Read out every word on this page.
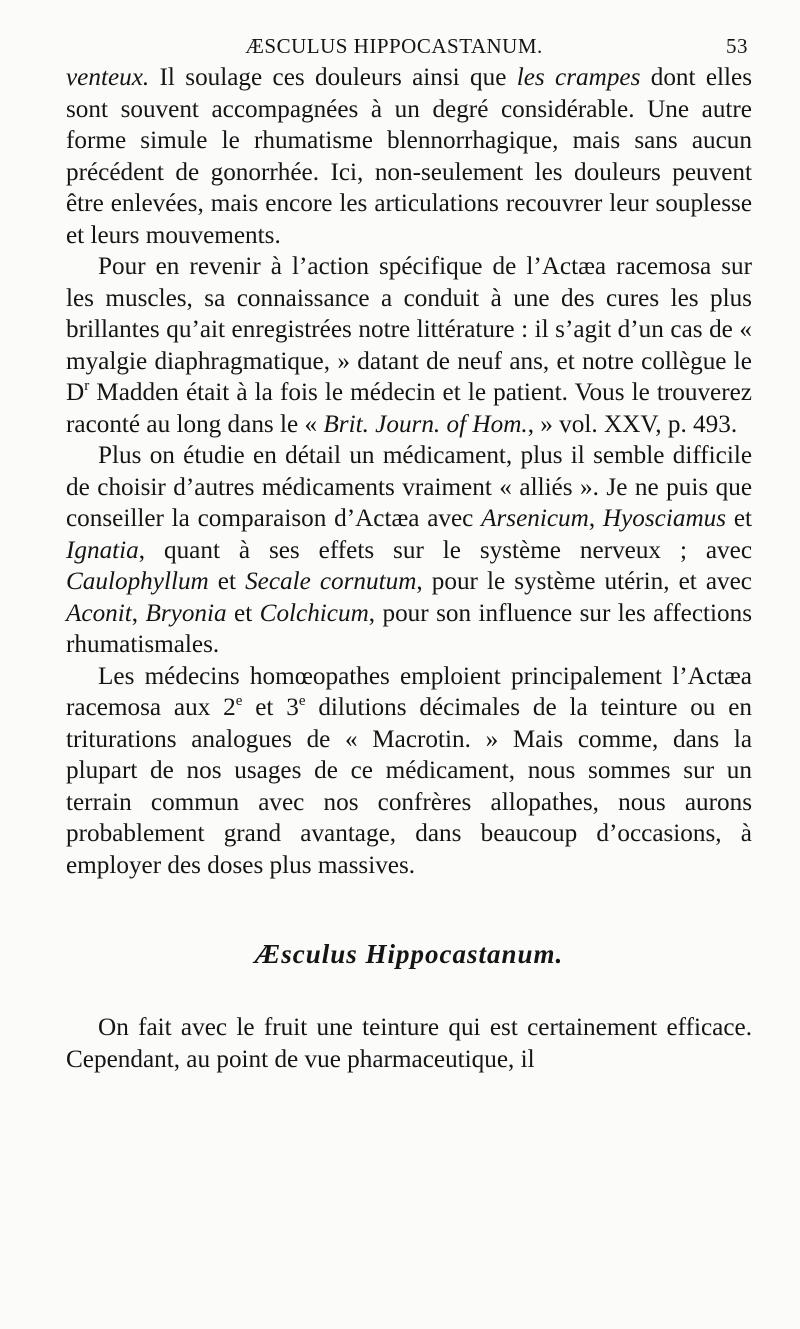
ÆSCULUS HIPPOCASTANUM.	53

venteux. Il soulage ces douleurs ainsi que les crampes dont elles sont souvent accompagnées à un degré considérable. Une autre forme simule le rhumatisme blennorrhagique, mais sans aucun précédent de gonorrhée. Ici, non-seulement les douleurs peuvent être enlevées, mais encore les articulations recouvrer leur souplesse et leurs mouvements.

Pour en revenir à l’action spécifique de l’Actæa racemosa sur les muscles, sa connaissance a conduit à une des cures les plus brillantes qu’ait enregistrées notre littérature : il s’agit d’un cas de « myalgie diaphragmatique, » datant de neuf ans, et notre collègue le $D^r$ Madden était à la fois le médecin et le patient. Vous le trouverez raconté au long dans le « Brit. Journ. of Hom., » vol. XXV, p. 493.

Plus on étudie en détail un médicament, plus il semble difficile de choisir d’autres médicaments vraiment « alliés ». Je ne puis que conseiller la comparaison d’Actæa avec Arsenicum, Hyosciamus et Ignatia, quant à ses effets sur le système nerveux ; avec Caulophyllum et Secale cornutum, pour le système utérin, et avec Aconit, Bryonia et Colchicum, pour son influence sur les affections rhumatismales.

Les médecins homœopathes emploient principalement l’Actæa racemosa aux 2e et 3e dilutions décimales de la teinture ou en triturations analogues de « Macrotin. » Mais comme, dans la plupart de nos usages de ce médicament, nous sommes sur un terrain commun avec nos confrères allopathes, nous aurons probablement grand avantage, dans beaucoup d’occasions, à employer des doses plus massives.

Æsculus Hippocastanum.

On fait avec le fruit une teinture qui est certainement efficace. Cependant, au point de vue pharmaceutique, il
